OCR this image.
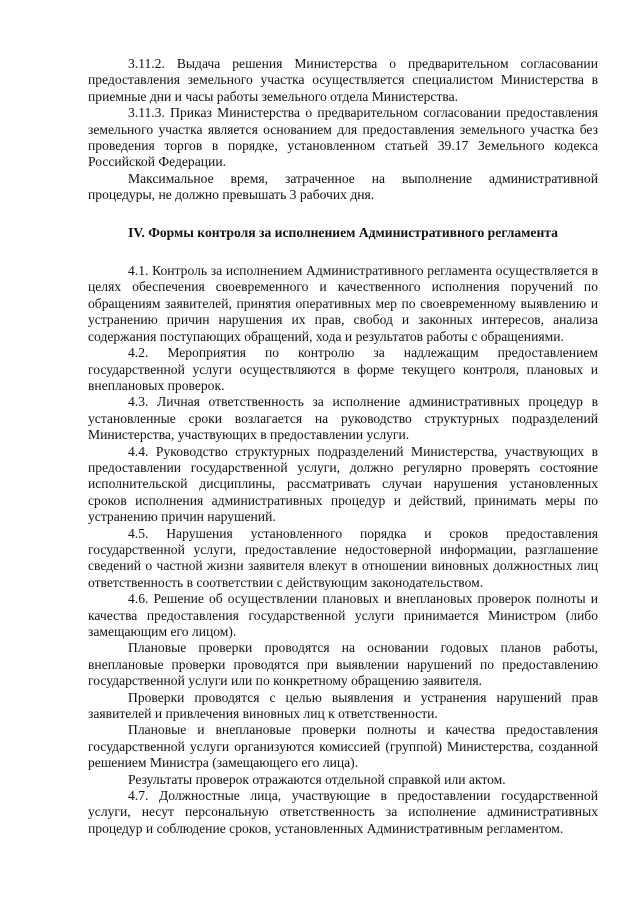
3.11.2. Выдача решения Министерства о предварительном согласовании предоставления земельного участка осуществляется специалистом Министерства в приемные дни и часы работы земельного отдела Министерства.

3.11.3. Приказ Министерства о предварительном согласовании предоставления земельного участка является основанием для предоставления земельного участка без проведения торгов в порядке, установленном статьей 39.17 Земельного кодекса Российской Федерации.

Максимальное время, затраченное на выполнение административной процедуры, не должно превышать 3 рабочих дня.

IV. Формы контроля за исполнением Административного регламента

4.1. Контроль за исполнением Административного регламента осуществляется в целях обеспечения своевременного и качественного исполнения поручений по обращениям заявителей, принятия оперативных мер по своевременному выявлению и устранению причин нарушения их прав, свобод и законных интересов, анализа содержания поступающих обращений, хода и результатов работы с обращениями.

4.2. Мероприятия по контролю за надлежащим предоставлением государственной услуги осуществляются в форме текущего контроля, плановых и внеплановых проверок.

4.3. Личная ответственность за исполнение административных процедур в установленные сроки возлагается на руководство структурных подразделений Министерства, участвующих в предоставлении услуги.

4.4. Руководство структурных подразделений Министерства, участвующих в предоставлении государственной услуги, должно регулярно проверять состояние исполнительской дисциплины, рассматривать случаи нарушения установленных сроков исполнения административных процедур и действий, принимать меры по устранению причин нарушений.

4.5. Нарушения установленного порядка и сроков предоставления государственной услуги, предоставление недостоверной информации, разглашение сведений о частной жизни заявителя влекут в отношении виновных должностных лиц ответственность в соответствии с действующим законодательством.

4.6. Решение об осуществлении плановых и внеплановых проверок полноты и качества предоставления государственной услуги принимается Министром (либо замещающим его лицом).

Плановые проверки проводятся на основании годовых планов работы, внеплановые проверки проводятся при выявлении нарушений по предоставлению государственной услуги или по конкретному обращению заявителя.

Проверки проводятся с целью выявления и устранения нарушений прав заявителей и привлечения виновных лиц к ответственности.

Плановые и внеплановые проверки полноты и качества предоставления государственной услуги организуются комиссией (группой) Министерства, созданной решением Министра (замещающего его лица).

Результаты проверок отражаются отдельной справкой или актом.

4.7. Должностные лица, участвующие в предоставлении государственной услуги, несут персональную ответственность за исполнение административных процедур и соблюдение сроков, установленных Административным регламентом.
